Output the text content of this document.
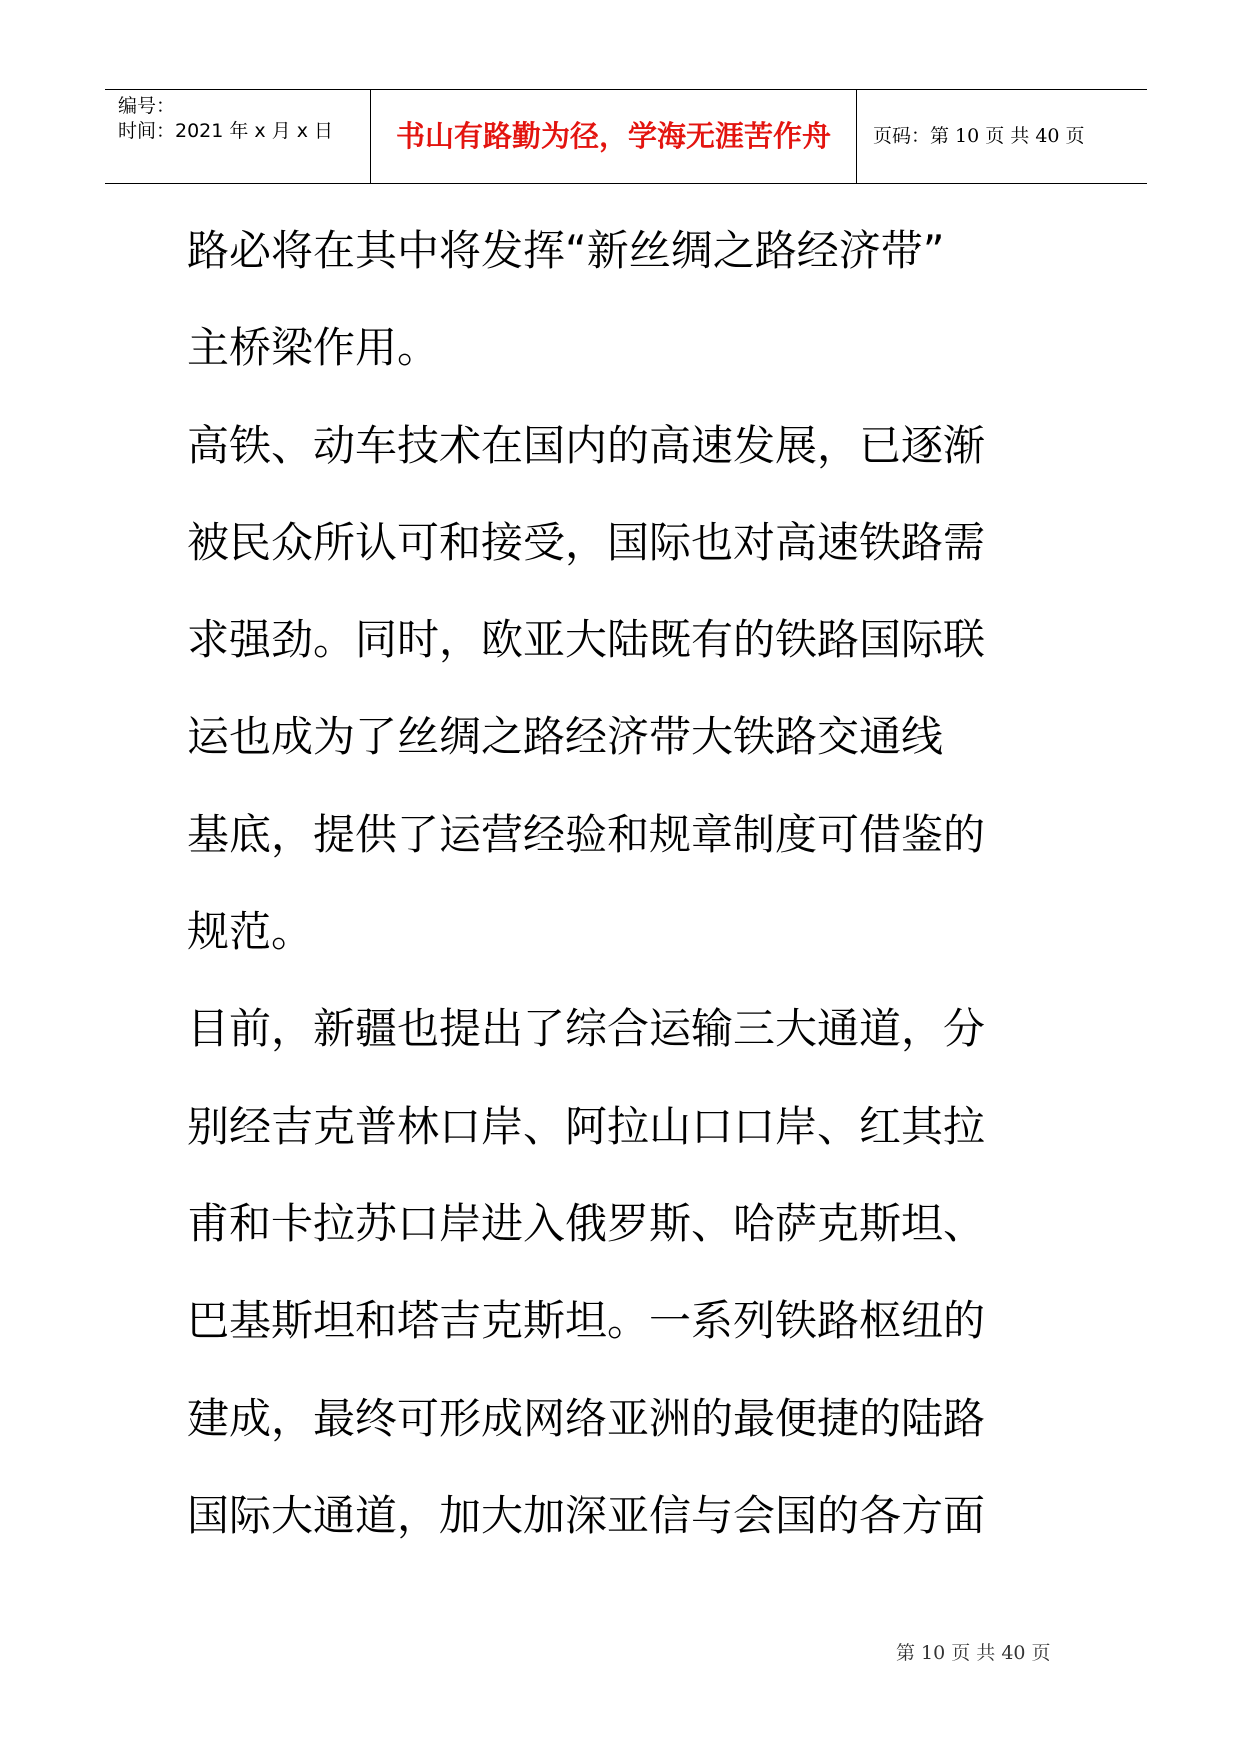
编号：
时间：2021 年 x 月 x 日	书山有路勤为径，学海无涯苦作舟	页码：第 10 页 共 40 页
路必将在其中将发挥“新丝绸之路经济带”
主桥梁作用。
高铁、动车技术在国内的高速发展，已逐渐
被民众所认可和接受，国际也对高速铁路需
求强劲。同时，欧亚大陆既有的铁路国际联
运也成为了丝绸之路经济带大铁路交通线
基底，提供了运营经验和规章制度可借鉴的
规范。
目前，新疆也提出了综合运输三大通道，分
别经吉克普林口岸、阿拉山口口岸、红其拉
甫和卡拉苏口岸进入俄罗斯、哈萨克斯坦、
巴基斯坦和塔吉克斯坦。一系列铁路枢纽的
建成，最终可形成网络亚洲的最便捷的陆路
国际大通道，加大加深亚信与会国的各方面
第 10 页 共 40 页
